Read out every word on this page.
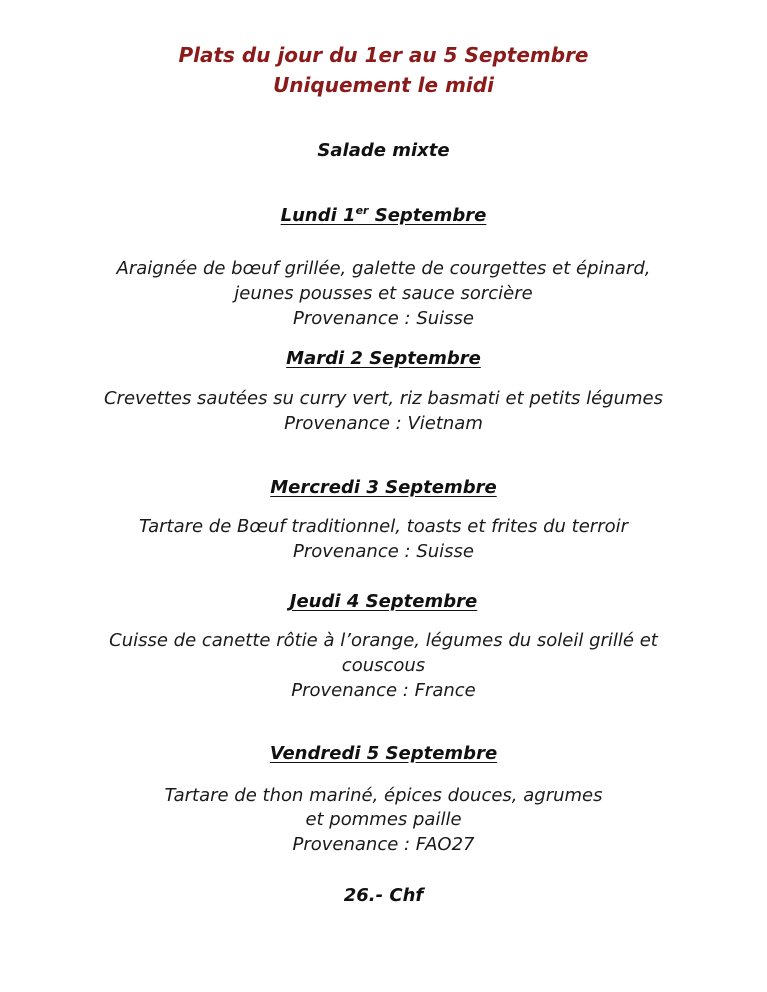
Plats du jour du 1er au 5 Septembre
Uniquement le midi
Salade mixte
Lundi 1er Septembre
Araignée de bœuf grillée, galette de courgettes et épinard,
jeunes pousses et sauce sorcière
Provenance : Suisse
Mardi 2 Septembre
Crevettes sautées su curry vert, riz basmati et petits légumes
Provenance : Vietnam
Mercredi 3 Septembre
Tartare de Bœuf traditionnel, toasts et frites du terroir
Provenance : Suisse
Jeudi 4 Septembre
Cuisse de canette rôtie à l’orange, légumes du soleil grillé et
couscous
Provenance : France
Vendredi 5 Septembre
Tartare de thon mariné, épices douces, agrumes
et pommes paille
Provenance : FAO27
26.- Chf
